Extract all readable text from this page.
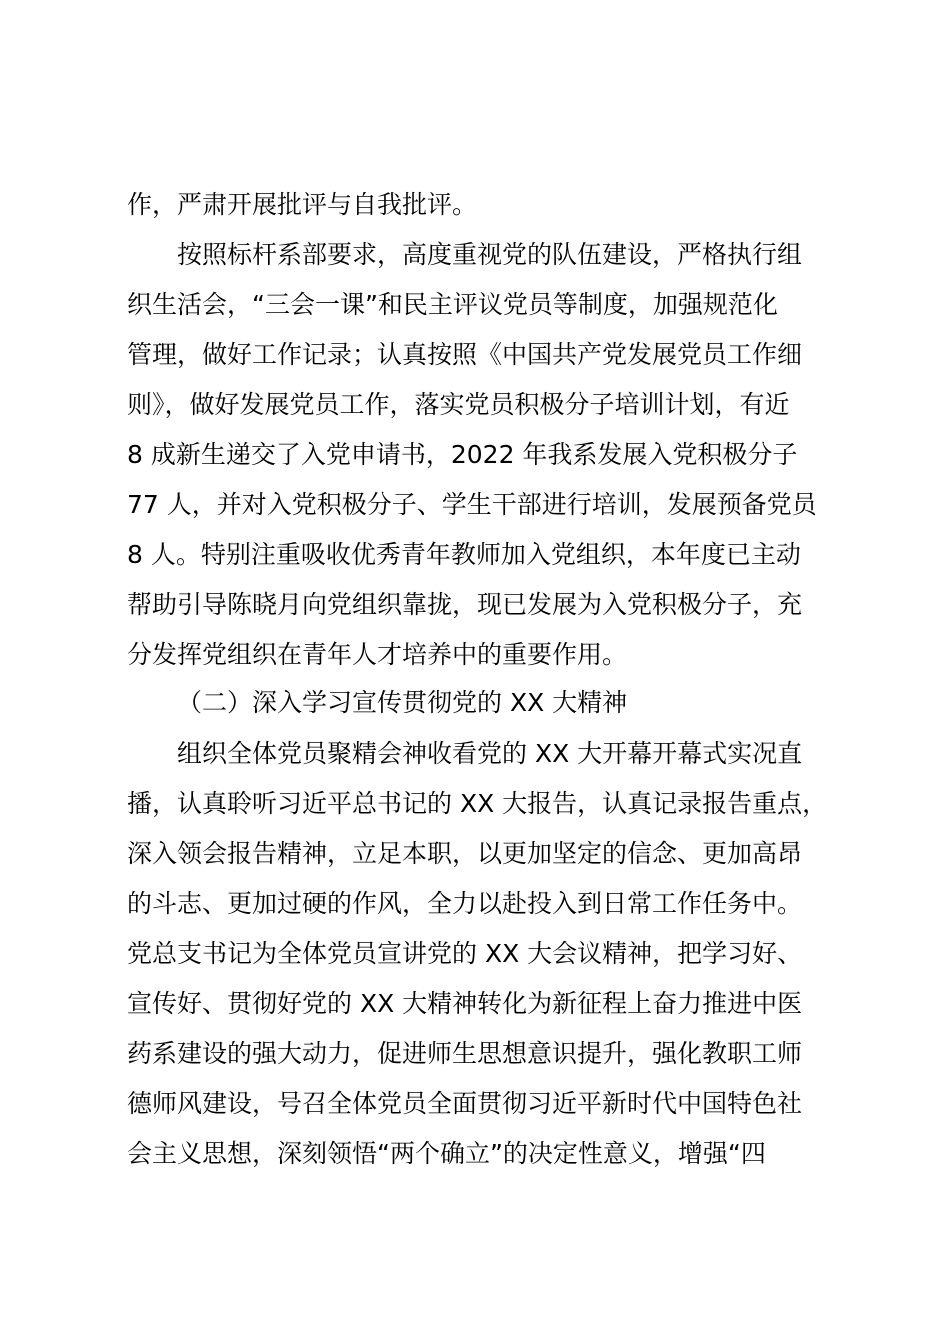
作，严肃开展批评与自我批评。
按照标杆系部要求，高度重视党的队伍建设，严格执行组
织生活会，“三会一课”和民主评议党员等制度，加强规范化
管理，做好工作记录；认真按照《中国共产党发展党员工作细
则》，做好发展党员工作，落实党员积极分子培训计划，有近
8 成新生递交了入党申请书，2022 年我系发展入党积极分子
77 人，并对入党积极分子、学生干部进行培训，发展预备党员
8 人。特别注重吸收优秀青年教师加入党组织，本年度已主动
帮助引导陈晓月向党组织靠拢，现已发展为入党积极分子，充
分发挥党组织在青年人才培养中的重要作用。
（二）深入学习宣传贯彻党的 XX 大精神
组织全体党员聚精会神收看党的 XX 大开幕开幕式实况直
播，认真聆听习近平总书记的 XX 大报告，认真记录报告重点，
深入领会报告精神，立足本职，以更加坚定的信念、更加高昂
的斗志、更加过硬的作风，全力以赴投入到日常工作任务中。
党总支书记为全体党员宣讲党的 XX 大会议精神，把学习好、
宣传好、贯彻好党的 XX 大精神转化为新征程上奋力推进中医
药系建设的强大动力，促进师生思想意识提升，强化教职工师
德师风建设，号召全体党员全面贯彻习近平新时代中国特色社
会主义思想，深刻领悟“两个确立”的决定性意义，增强“四
